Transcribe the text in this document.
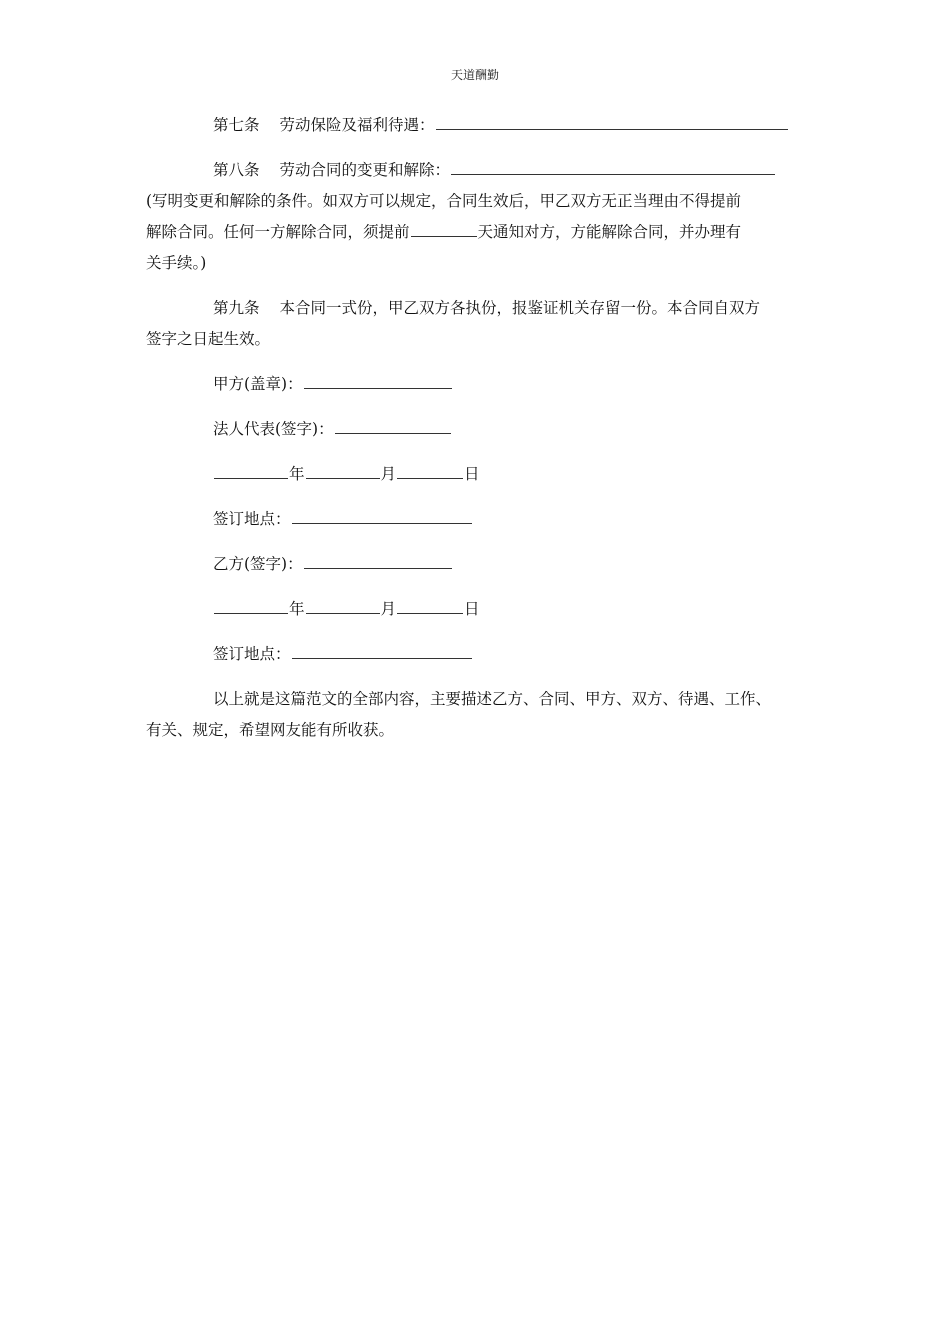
天道酬勤
第七条 劳动保险及福利待遇：
第八条 劳动合同的变更和解除：
(写明变更和解除的条件。如双方可以规定，合同生效后，甲乙双方无正当理由不得提前
解除合同。任何一方解除合同，须提前	天通知对方，方能解除合同，并办理有
关手续。)
第九条 本合同一式份，甲乙双方各执份，报鉴证机关存留一份。本合同自双方
签字之日起生效。
甲方(盖章)：
法人代表(签字)：
年	月	日
签订地点：
乙方(签字)：
年	月	日
签订地点：
以上就是这篇范文的全部内容，主要描述乙方、合同、甲方、双方、待遇、工作、
有关、规定，希望网友能有所收获。
